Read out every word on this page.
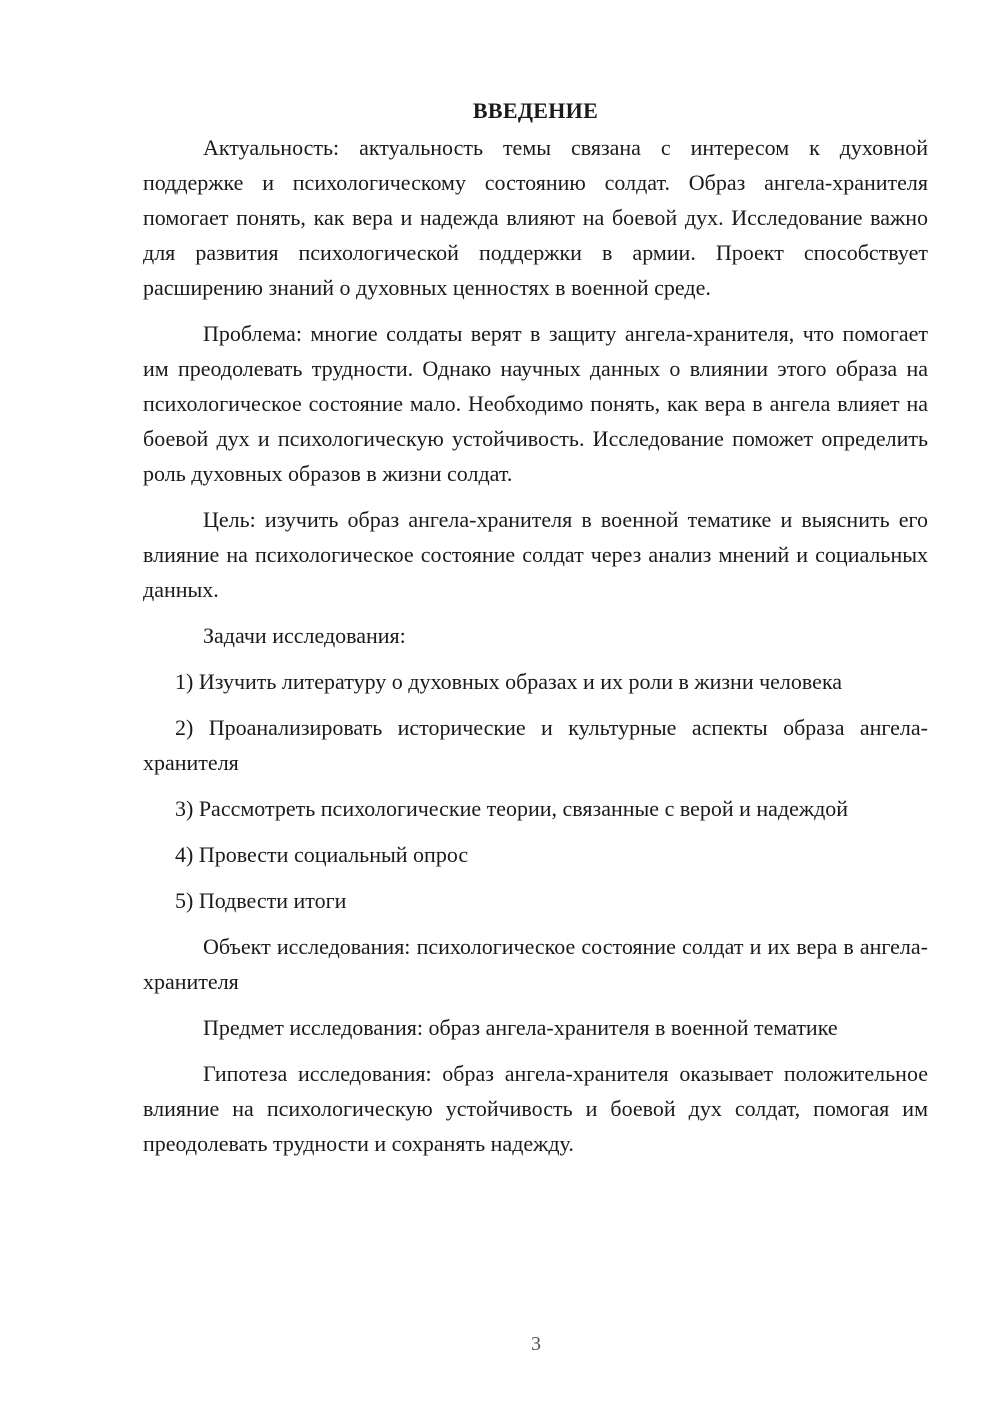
ВВЕДЕНИЕ

Актуальность: актуальность темы связана с интересом к духовной поддержке и психологическому состоянию солдат. Образ ангела-хранителя помогает понять, как вера и надежда влияют на боевой дух. Исследование важно для развития психологической поддержки в армии. Проект способствует расширению знаний о духовных ценностях в военной среде.

Проблема: многие солдаты верят в защиту ангела-хранителя, что помогает им преодолевать трудности. Однако научных данных о влиянии этого образа на психологическое состояние мало. Необходимо понять, как вера в ангела влияет на боевой дух и психологическую устойчивость. Исследование поможет определить роль духовных образов в жизни солдат.

Цель: изучить образ ангела-хранителя в военной тематике и выяснить его влияние на психологическое состояние солдат через анализ мнений и социальных данных.

Задачи исследования:

1) Изучить литературу о духовных образах и их роли в жизни человека

2) Проанализировать исторические и культурные аспекты образа ангела-хранителя

3) Рассмотреть психологические теории, связанные с верой и надеждой

4) Провести социальный опрос

5) Подвести итоги

Объект исследования: психологическое состояние солдат и их вера в ангела-хранителя

Предмет исследования: образ ангела-хранителя в военной тематике

Гипотеза исследования: образ ангела-хранителя оказывает положительное влияние на психологическую устойчивость и боевой дух солдат, помогая им преодолевать трудности и сохранять надежду.

3
